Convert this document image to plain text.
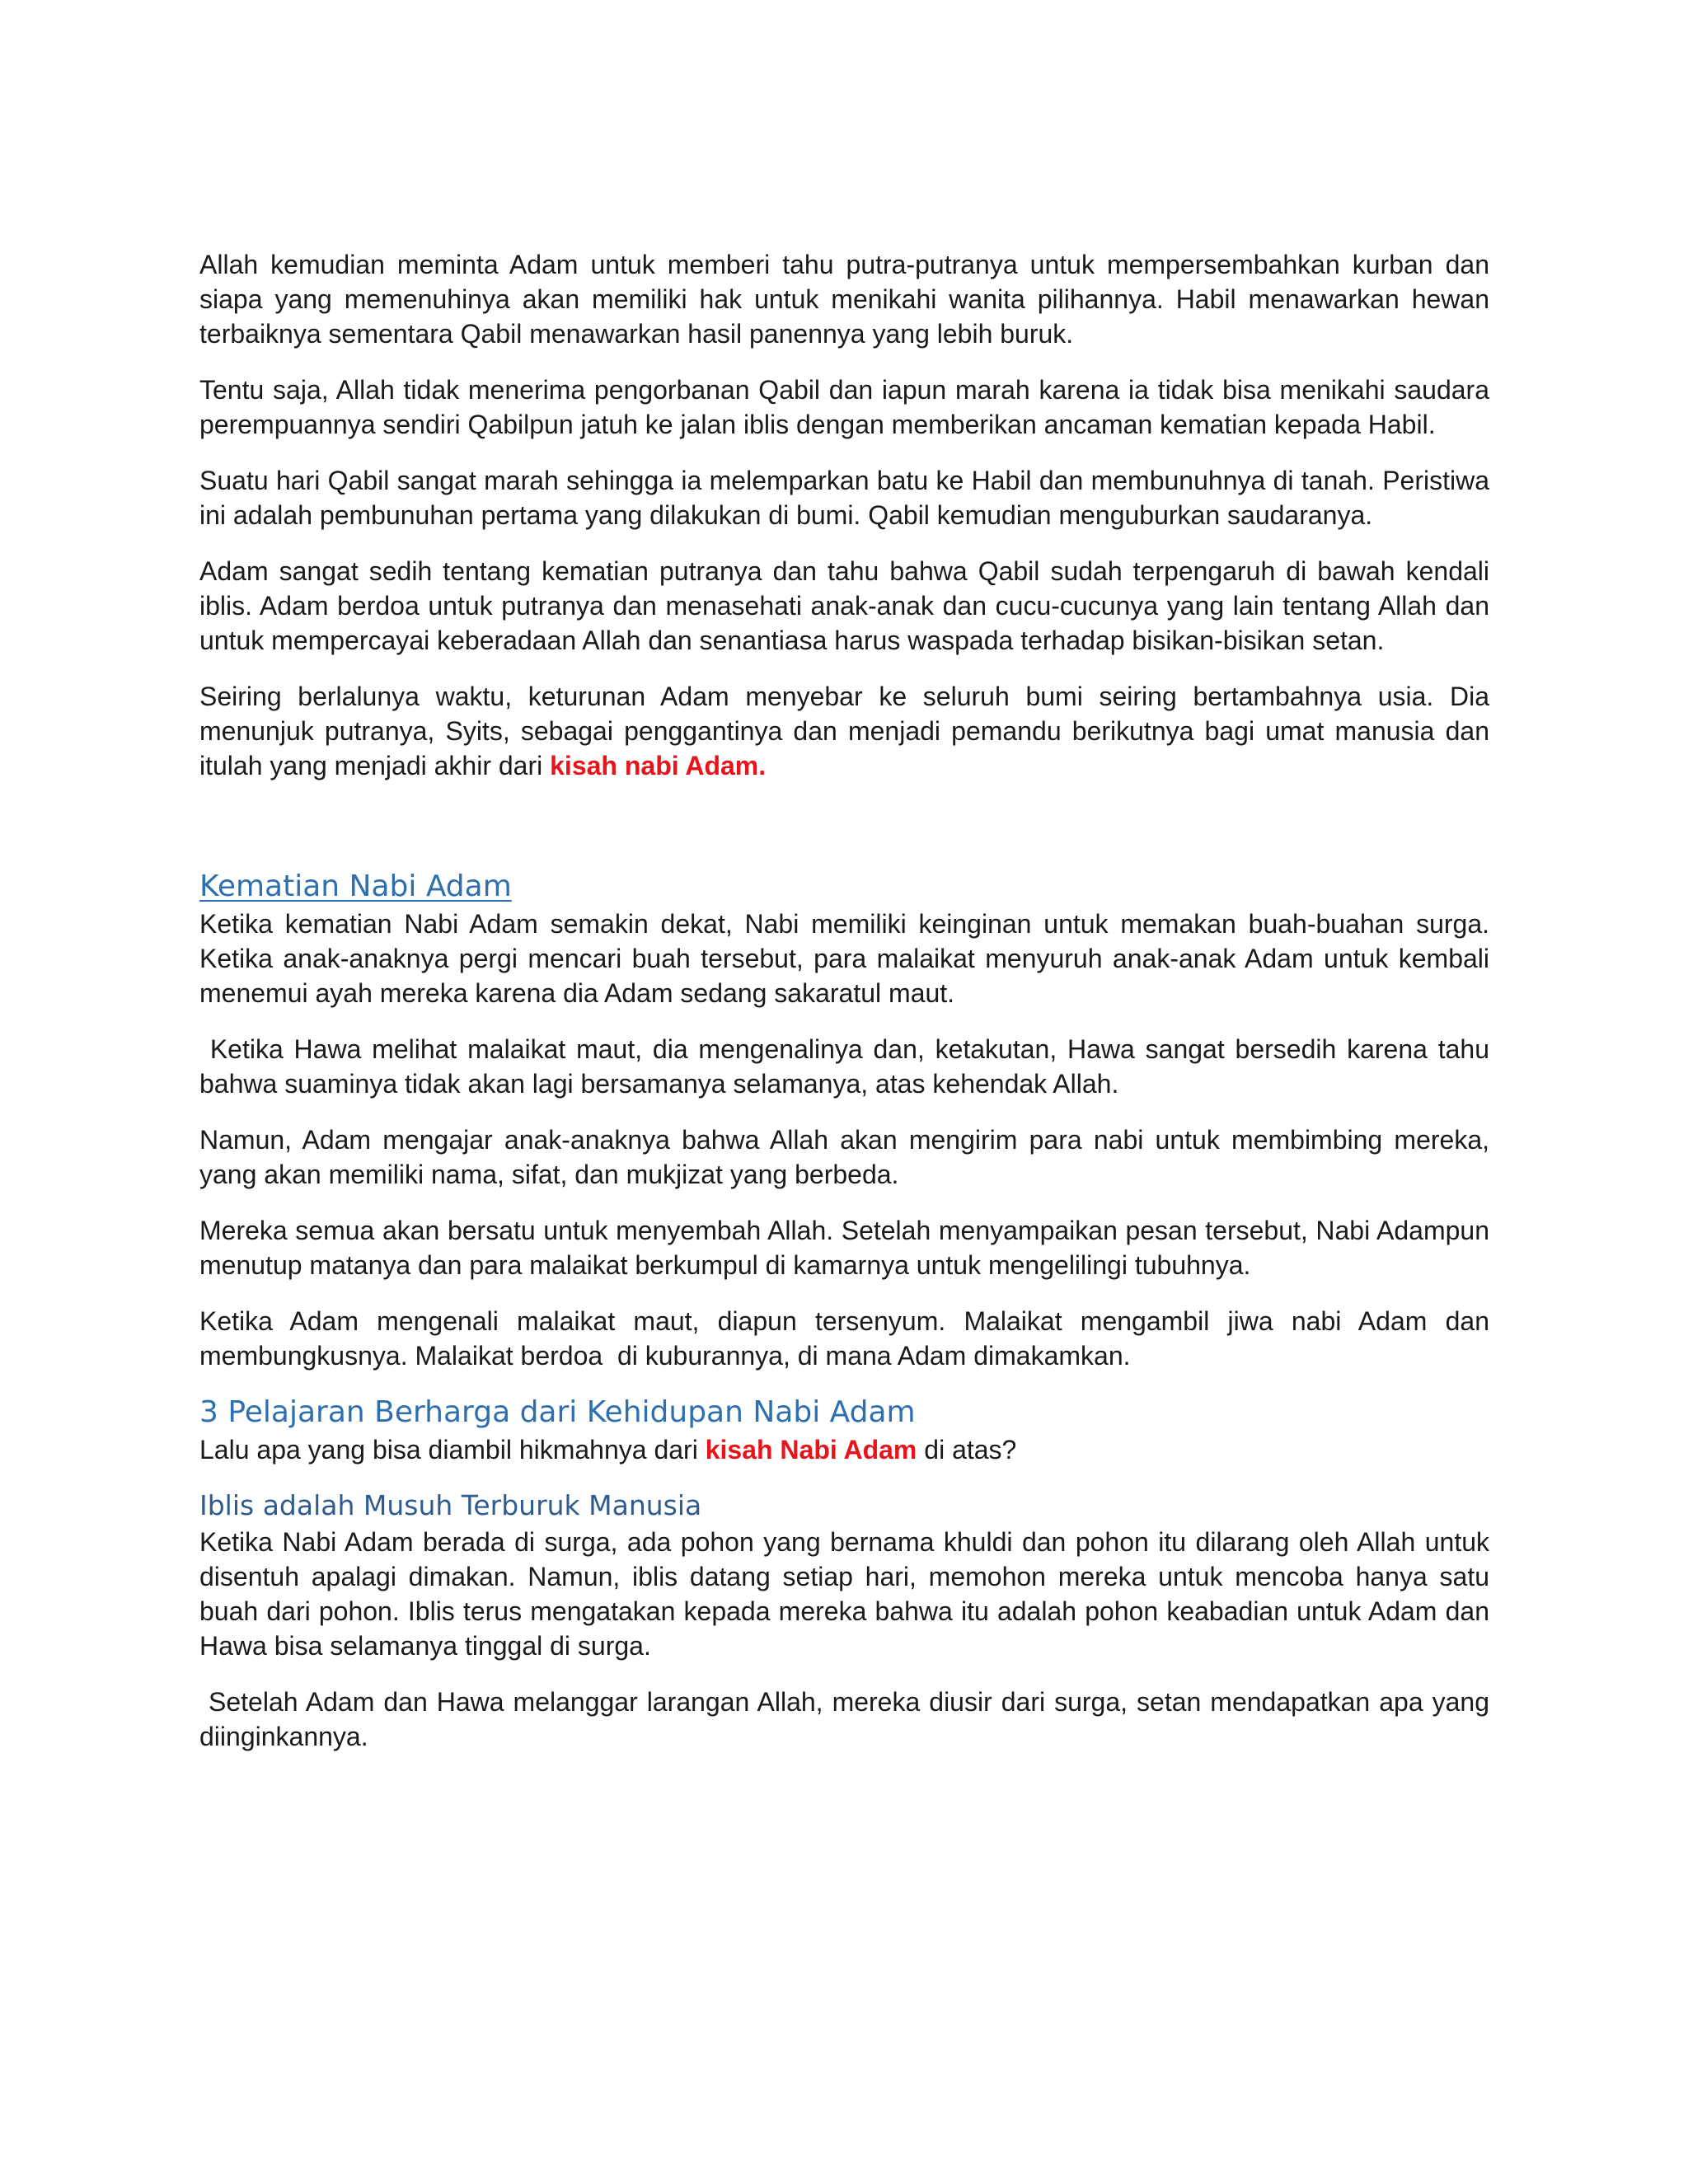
Allah kemudian meminta Adam untuk memberi tahu putra-putranya untuk mempersembahkan kurban dan siapa yang memenuhinya akan memiliki hak untuk menikahi wanita pilihannya. Habil menawarkan hewan terbaiknya sementara Qabil menawarkan hasil panennya yang lebih buruk.

Tentu saja, Allah tidak menerima pengorbanan Qabil dan iapun marah karena ia tidak bisa menikahi saudara perempuannya sendiri Qabilpun jatuh ke jalan iblis dengan memberikan ancaman kematian kepada Habil.

Suatu hari Qabil sangat marah sehingga ia melemparkan batu ke Habil dan membunuhnya di tanah. Peristiwa ini adalah pembunuhan pertama yang dilakukan di bumi. Qabil kemudian menguburkan saudaranya.

Adam sangat sedih tentang kematian putranya dan tahu bahwa Qabil sudah terpengaruh di bawah kendali iblis. Adam berdoa untuk putranya dan menasehati anak-anak dan cucu-cucunya yang lain tentang Allah dan untuk mempercayai keberadaan Allah dan senantiasa harus waspada terhadap bisikan-bisikan setan.

Seiring berlalunya waktu, keturunan Adam menyebar ke seluruh bumi seiring bertambahnya usia. Dia menunjuk putranya, Syits, sebagai penggantinya dan menjadi pemandu berikutnya bagi umat manusia dan itulah yang menjadi akhir dari kisah nabi Adam.

Kematian Nabi Adam

Ketika kematian Nabi Adam semakin dekat, Nabi memiliki keinginan untuk memakan buah-buahan surga. Ketika anak-anaknya pergi mencari buah tersebut, para malaikat menyuruh anak-anak Adam untuk kembali menemui ayah mereka karena dia Adam sedang sakaratul maut.

Ketika Hawa melihat malaikat maut, dia mengenalinya dan, ketakutan, Hawa sangat bersedih karena tahu bahwa suaminya tidak akan lagi bersamanya selamanya, atas kehendak Allah.

Namun, Adam mengajar anak-anaknya bahwa Allah akan mengirim para nabi untuk membimbing mereka, yang akan memiliki nama, sifat, dan mukjizat yang berbeda.

Mereka semua akan bersatu untuk menyembah Allah. Setelah menyampaikan pesan tersebut, Nabi Adampun menutup matanya dan para malaikat berkumpul di kamarnya untuk mengelilingi tubuhnya.

Ketika Adam mengenali malaikat maut, diapun tersenyum. Malaikat mengambil jiwa nabi Adam dan membungkusnya. Malaikat berdoa  di kuburannya, di mana Adam dimakamkan.

3 Pelajaran Berharga dari Kehidupan Nabi Adam

Lalu apa yang bisa diambil hikmahnya dari kisah Nabi Adam di atas?

Iblis adalah Musuh Terburuk Manusia

Ketika Nabi Adam berada di surga, ada pohon yang bernama khuldi dan pohon itu dilarang oleh Allah untuk disentuh apalagi dimakan. Namun, iblis datang setiap hari, memohon mereka untuk mencoba hanya satu buah dari pohon. Iblis terus mengatakan kepada mereka bahwa itu adalah pohon keabadian untuk Adam dan Hawa bisa selamanya tinggal di surga.

Setelah Adam dan Hawa melanggar larangan Allah, mereka diusir dari surga, setan mendapatkan apa yang diinginkannya.
